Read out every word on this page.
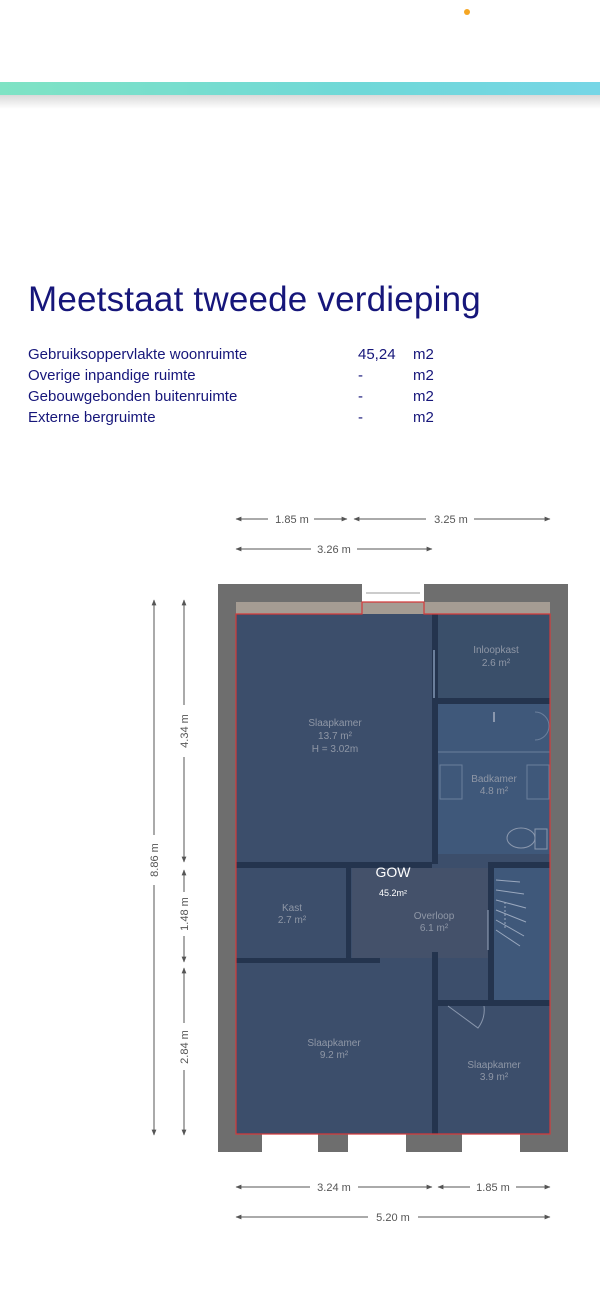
Meetstaat tweede verdieping
Gebruiksoppervlakte woonruimte	45,24 m2
Overige inpandige ruimte	-	m2
Gebouwgebonden buitenruimte	-	m2
Externe bergruimte	-	m2
1.85 m	3.25 m
3.26 m
8.86 m
4.34 m
1.48 m
2.84 m
Slaapkamer
13.7 m²
H = 3.02m
Inloopkast
2.6 m²
Badkamer
4.8 m²
Kast
2.7 m²	Overloop
6.1 m²
Slaapkamer
9.2 m²
Slaapkamer
3.9 m²
GOW
45.2m²
3.24 m	1.85 m
5.20 m
